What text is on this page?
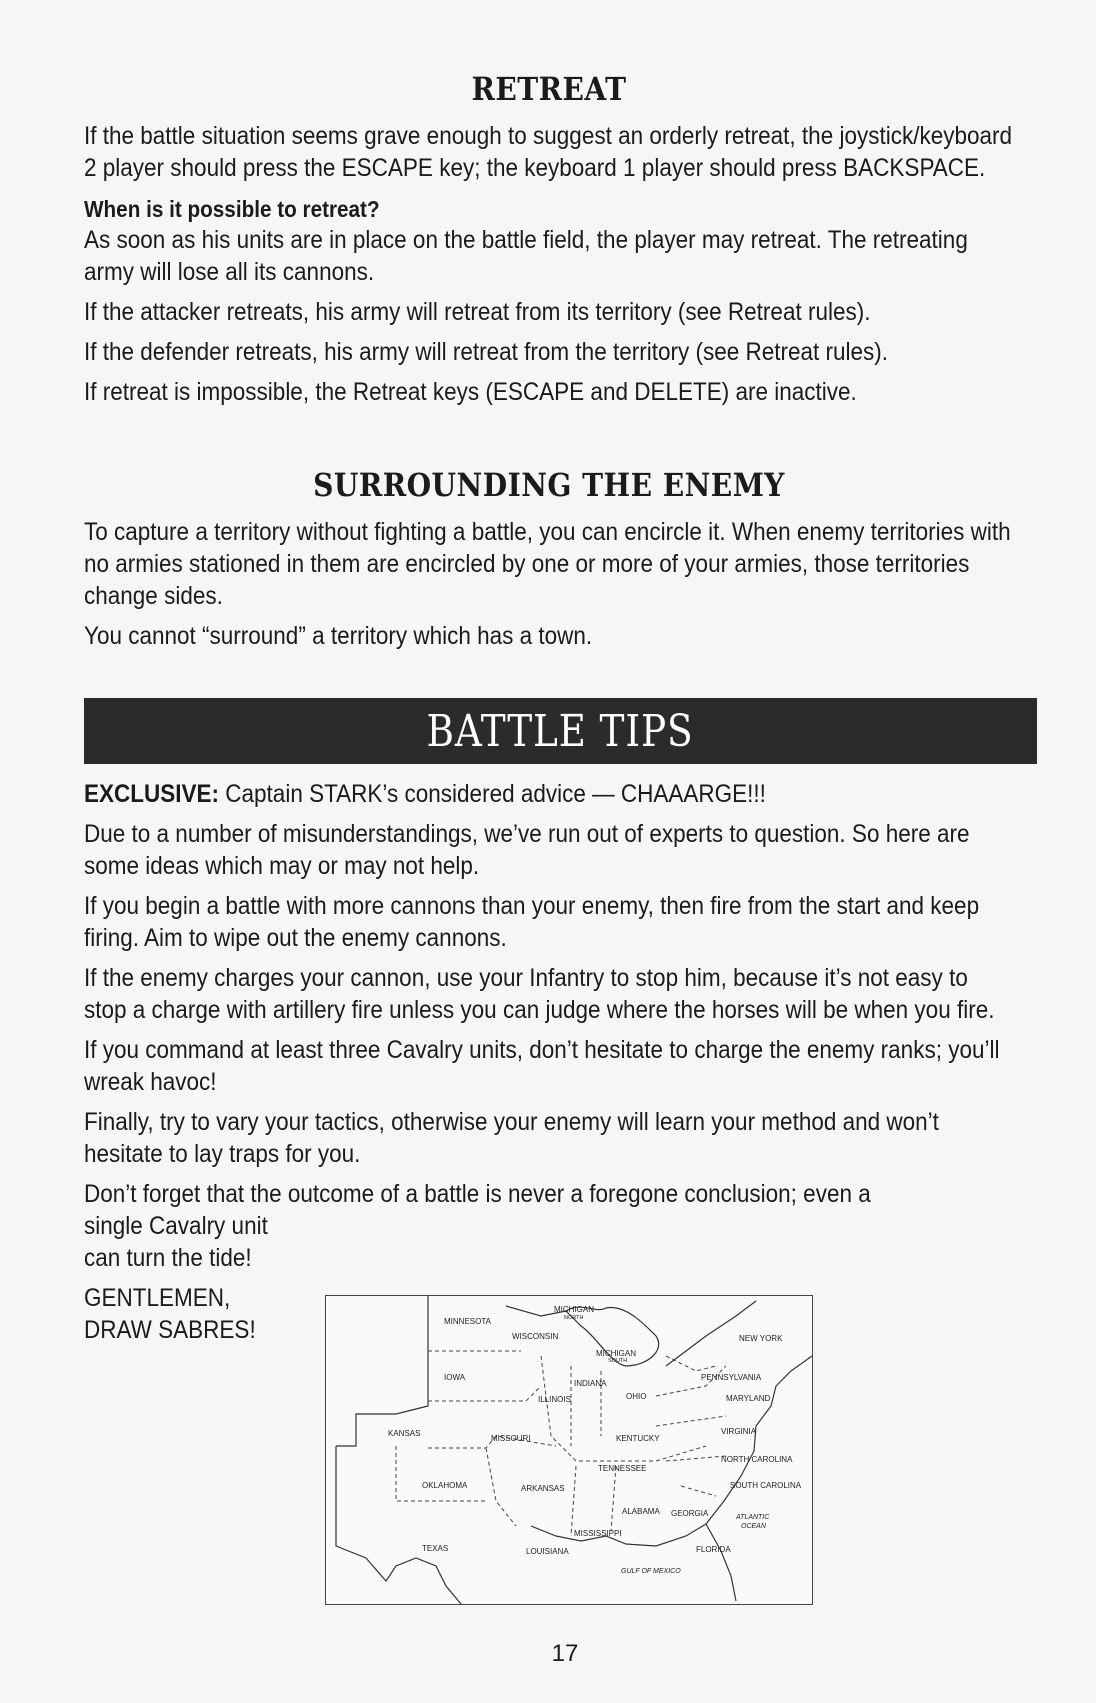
RETREAT

If the battle situation seems grave enough to suggest an orderly retreat, the joystick/keyboard 2 player should press the ESCAPE key; the keyboard 1 player should press BACKSPACE.

When is it possible to retreat?

As soon as his units are in place on the battle field, the player may retreat. The retreating army will lose all its cannons.

If the attacker retreats, his army will retreat from its territory (see Retreat rules).

If the defender retreats, his army will retreat from the territory (see Retreat rules).

If retreat is impossible, the Retreat keys (ESCAPE and DELETE) are inactive.

SURROUNDING THE ENEMY

To capture a territory without fighting a battle, you can encircle it. When enemy territories with no armies stationed in them are encircled by one or more of your armies, those territories change sides.

You cannot “surround” a territory which has a town.

BATTLE TIPS

EXCLUSIVE: Captain STARK’s considered advice — CHAAARGE!!!

Due to a number of misunderstandings, we’ve run out of experts to question. So here are some ideas which may or may not help.

If you begin a battle with more cannons than your enemy, then fire from the start and keep firing. Aim to wipe out the enemy cannons.

If the enemy charges your cannon, use your Infantry to stop him, because it’s not easy to stop a charge with artillery fire unless you can judge where the horses will be when you fire.

If you command at least three Cavalry units, don’t hesitate to charge the enemy ranks; you’ll wreak havoc!

Finally, try to vary your tactics, otherwise your enemy will learn your method and won’t hesitate to lay traps for you.

Don’t forget that the outcome of a battle is never a foregone conclusion; even a

single Cavalry unit

can turn the tide!

GENTLEMEN,

DRAW SABRES!	MINNESOTA
MICHIGAN
NORTH
WISCONSIN
MICHIGAN
SOUTH
NEW YORK
IOWA	PENNSYLVANIA
INDIANA
ILLINOIS	OHIO	MARYLAND
KANSAS
MISSOURI	KENTUCKY
VIRGINIA
NORTH CAROLINA
TENNESSEE
OKLAHOMA	ARKANSAS	SOUTH CAROLINA
ALABAMA GEORGIA	ATLANTIC
OCEAN
MISSISSIPPI
TEXAS	LOUISIANA	FLORIDA
GULF OF MEXICO
17
